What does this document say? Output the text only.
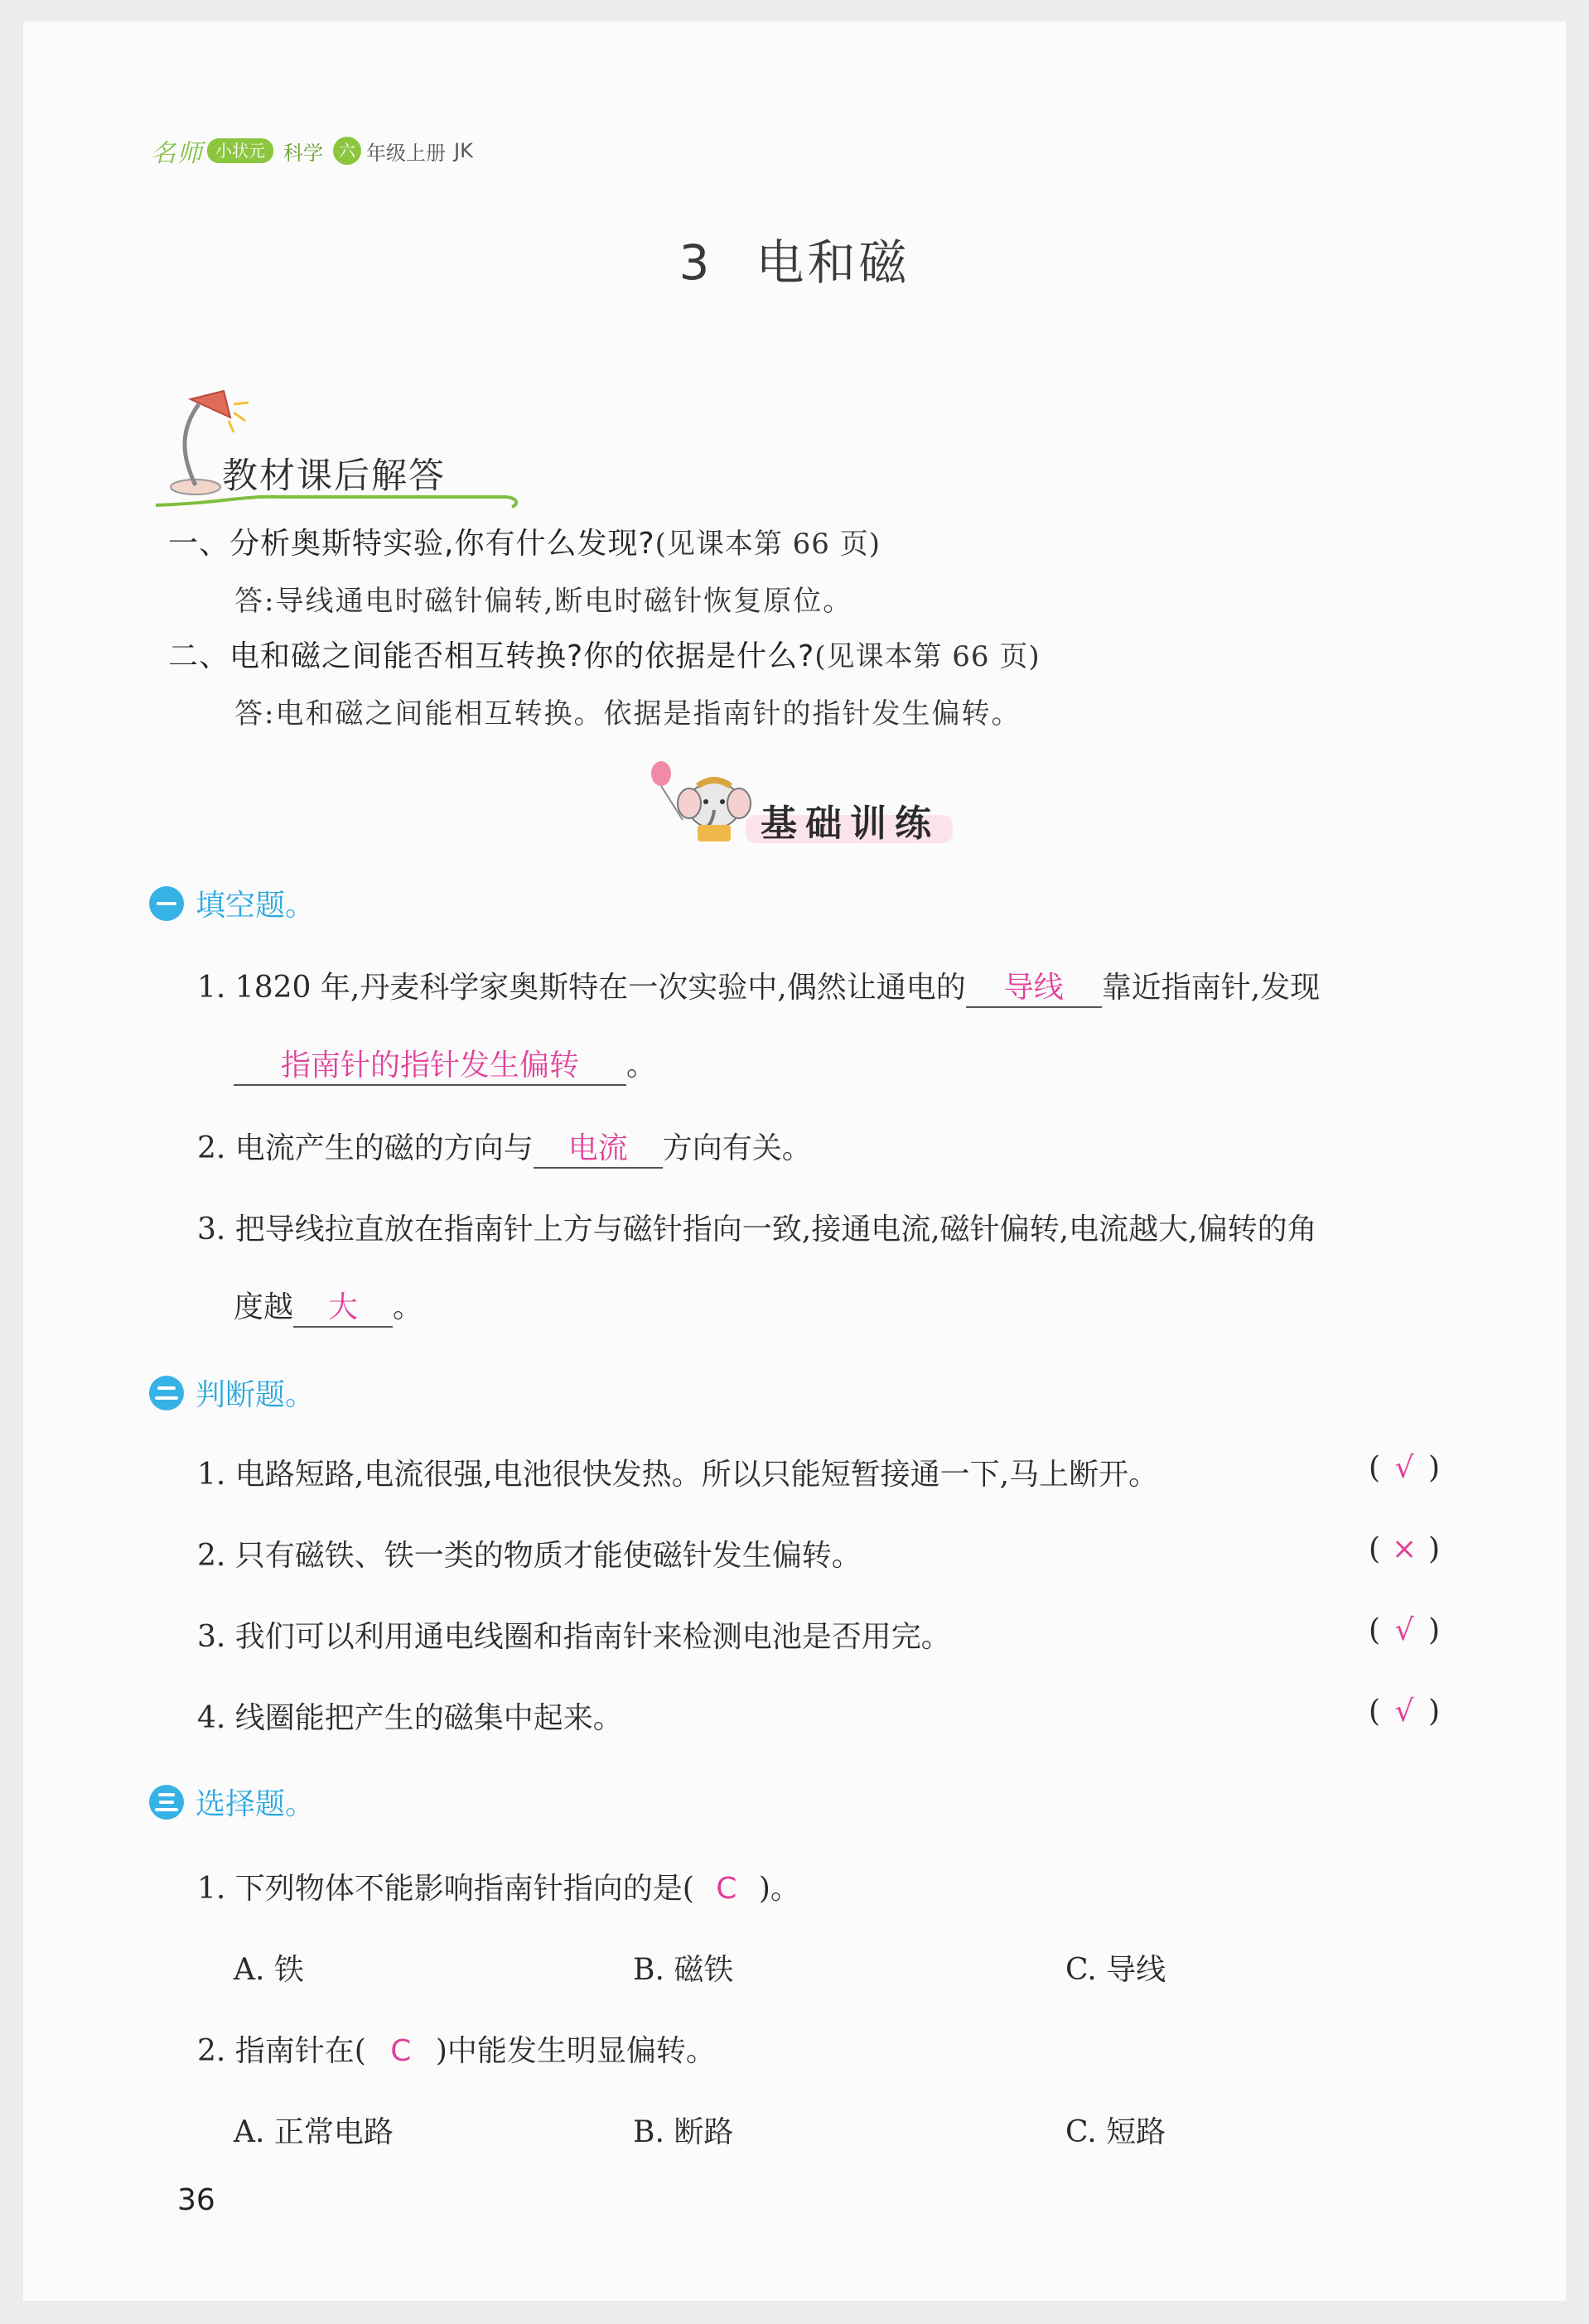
名师 小状元 科学 六 年级上册 JK
3 电和磁
教材课后解答
一、分析奥斯特实验,你有什么发现?(见课本第 66 页)
答:导线通电时磁针偏转,断电时磁针恢复原位。
二、电和磁之间能否相互转换?你的依据是什么?(见课本第 66 页)
答:电和磁之间能相互转换。依据是指南针的指针发生偏转。
基础训练
填空题。
1. 1820 年,丹麦科学家奥斯特在一次实验中,偶然让通电的 导线 靠近指南针,发现
指南针的指针发生偏转 。
2. 电流产生的磁的方向与 电流 方向有关。
3. 把导线拉直放在指南针上方与磁针指向一致,接通电流,磁针偏转,电流越大,偏转的角
度越 大 。
判断题。
1. 电路短路,电流很强,电池很快发热。所以只能短暂接通一下,马上断开。	( √ )
2. 只有磁铁、铁一类的物质才能使磁针发生偏转。	( × )
3. 我们可以利用通电线圈和指南针来检测电池是否用完。	( √ )
4. 线圈能把产生的磁集中起来。	( √ )
选择题。
1. 下列物体不能影响指南针指向的是( C )。
A. 铁	B. 磁铁	C. 导线
2. 指南针在( C )中能发生明显偏转。
A. 正常电路	B. 断路	C. 短路
36
